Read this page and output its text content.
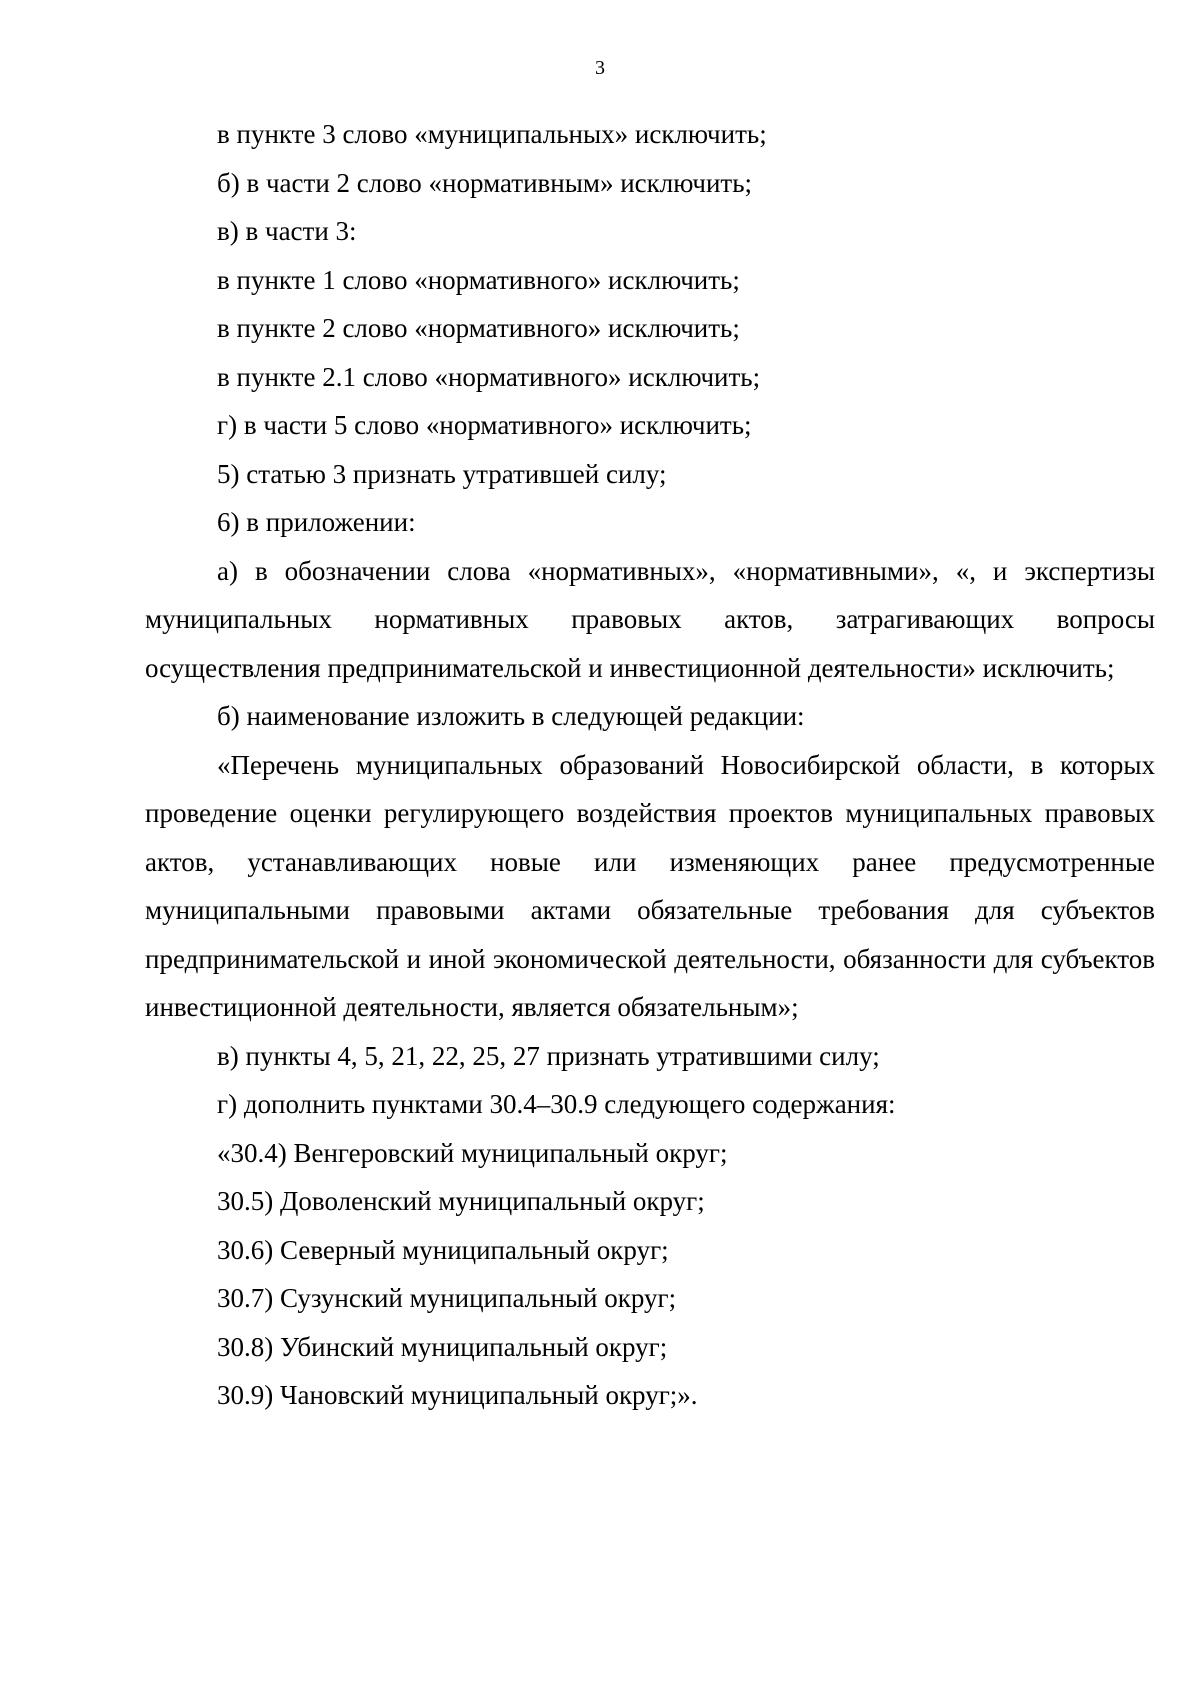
3

в пункте 3 слово «муниципальных» исключить;

б) в части 2 слово «нормативным» исключить;

в) в части 3:

в пункте 1 слово «нормативного» исключить;

в пункте 2 слово «нормативного» исключить;

в пункте 2.1 слово «нормативного» исключить;

г) в части 5 слово «нормативного» исключить;

5) статью 3 признать утратившей силу;

6) в приложении:

а) в обозначении слова «нормативных», «нормативными», «, и экспертизы муниципальных нормативных правовых актов, затрагивающих вопросы осуществления предпринимательской и инвестиционной деятельности» исключить;

б) наименование изложить в следующей редакции:

«Перечень муниципальных образований Новосибирской области, в которых проведение оценки регулирующего воздействия проектов муниципальных правовых актов, устанавливающих новые или изменяющих ранее предусмотренные муниципальными правовыми актами обязательные требования для субъектов предпринимательской и иной экономической деятельности, обязанности для субъектов инвестиционной деятельности, является обязательным»;

в) пункты 4, 5, 21, 22, 25, 27 признать утратившими силу;

г) дополнить пунктами 30.4–30.9 следующего содержания:

«30.4) Венгеровский муниципальный округ;

30.5) Доволенский муниципальный округ;

30.6) Северный муниципальный округ;

30.7) Сузунский муниципальный округ;

30.8) Убинский муниципальный округ;

30.9) Чановский муниципальный округ;».
